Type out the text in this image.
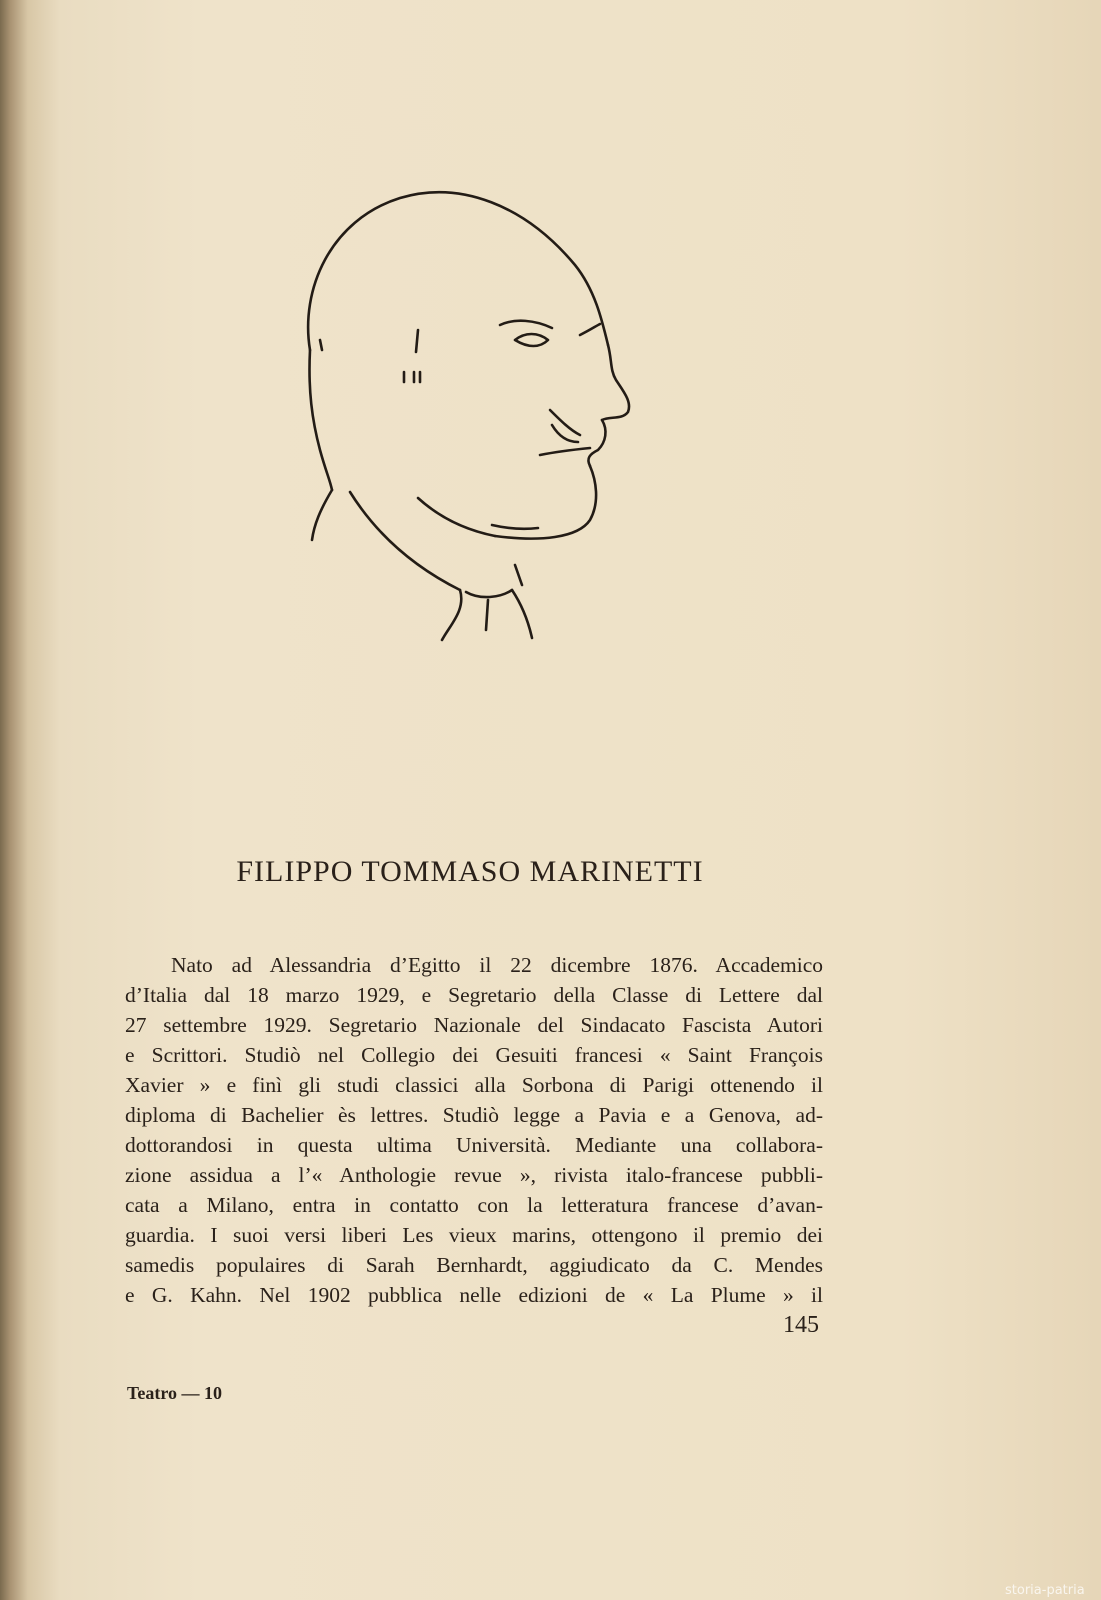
FILIPPO TOMMASO MARINETTI
Nato ad Alessandria d’Egitto il 22 dicembre 1876. Accademico
d’Italia dal 18 marzo 1929, e Segretario della Classe di Lettere dal
27 settembre 1929. Segretario Nazionale del Sindacato Fascista Autori
e Scrittori. Studiò nel Collegio dei Gesuiti francesi « Saint François
Xavier » e finì gli studi classici alla Sorbona di Parigi ottenendo il
diploma di Bachelier ès lettres. Studiò legge a Pavia e a Genova, ad-
dottorandosi in questa ultima Università. Mediante una collabora-
zione assidua a l’« Anthologie revue », rivista italo-francese pubbli-
cata a Milano, entra in contatto con la letteratura francese d’avan-
guardia. I suoi versi liberi Les vieux marins, ottengono il premio dei
samedis populaires di Sarah Bernhardt, aggiudicato da C. Mendes
e G. Kahn. Nel 1902 pubblica nelle edizioni de « La Plume » il
145
Teatro — 10
storia-patria
